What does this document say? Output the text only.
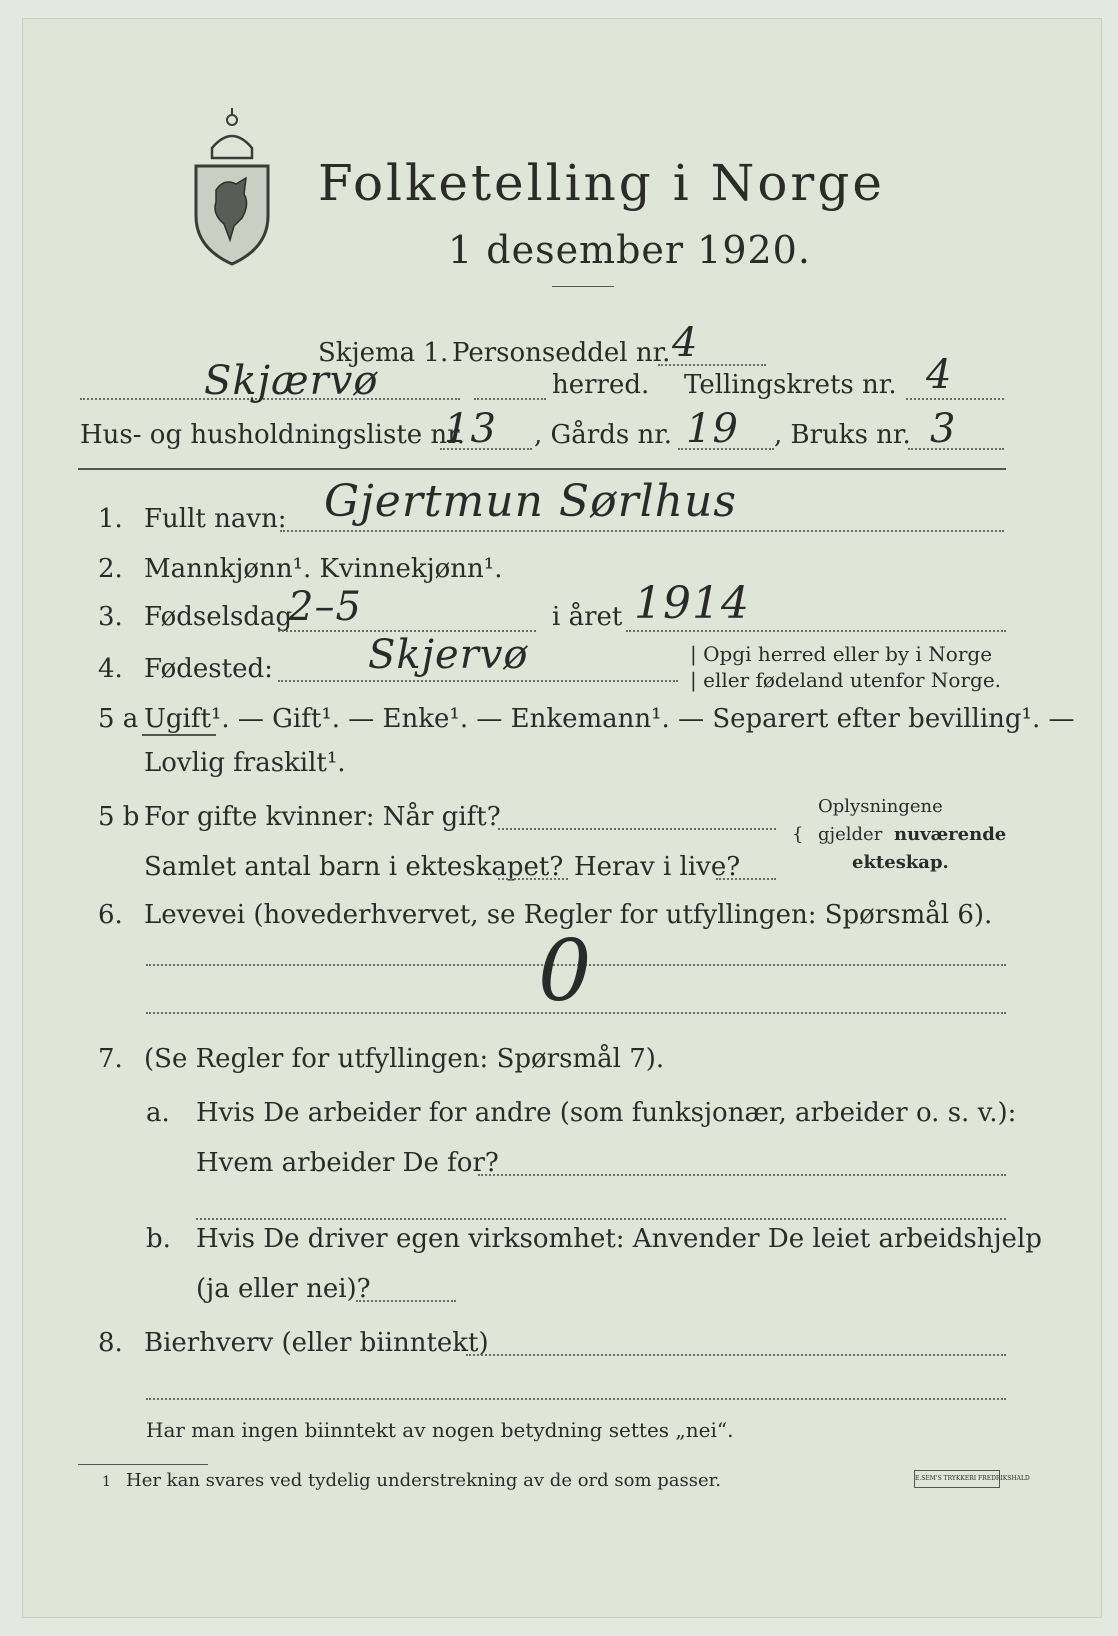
Folketelling i Norge
1 desember 1920.
Skjema 1. Personseddel nr. 4
Skjærvø	herred. Tellingskrets nr. 4
Hus- og husholdningsliste nr.
13 , Gårds nr. 19 , Bruks nr. 3
1. Fullt navn: Gjertmun Sørlhus
2. Mannkjønn¹. Kvinnekjønn¹.
3. Fødselsdag
2–5	i året 1914
4. Fødested: Skjervø	| Opgi herred eller by i Norge
| eller fødeland utenfor Norge.
5 a Ugift¹. — Gift¹. — Enke¹. — Enkemann¹. — Separert efter bevilling¹. —
Lovlig fraskilt¹.
5 b For gifte kvinner: Når gift?
Samlet antal barn i ekteskapet? Herav i live?
Oplysningene
{ gjelder nuværende
ekteskap.
6. Levevei (hovederhvervet, se Regler for utfyllingen: Spørsmål 6).
0
7. (Se Regler for utfyllingen: Spørsmål 7).
a. Hvis De arbeider for andre (som funksjonær, arbeider o. s. v.):
Hvem arbeider De for?
b. Hvis De driver egen virksomhet: Anvender De leiet arbeidshjelp
(ja eller nei)?
8. Bierhverv (eller biinntekt)
Har man ingen biinntekt av nogen betydning settes „nei“.
1 Her kan svares ved tydelig understrekning av de ord som passer.	E.SEM'S TRYKKERI FREDRIKSHALD
